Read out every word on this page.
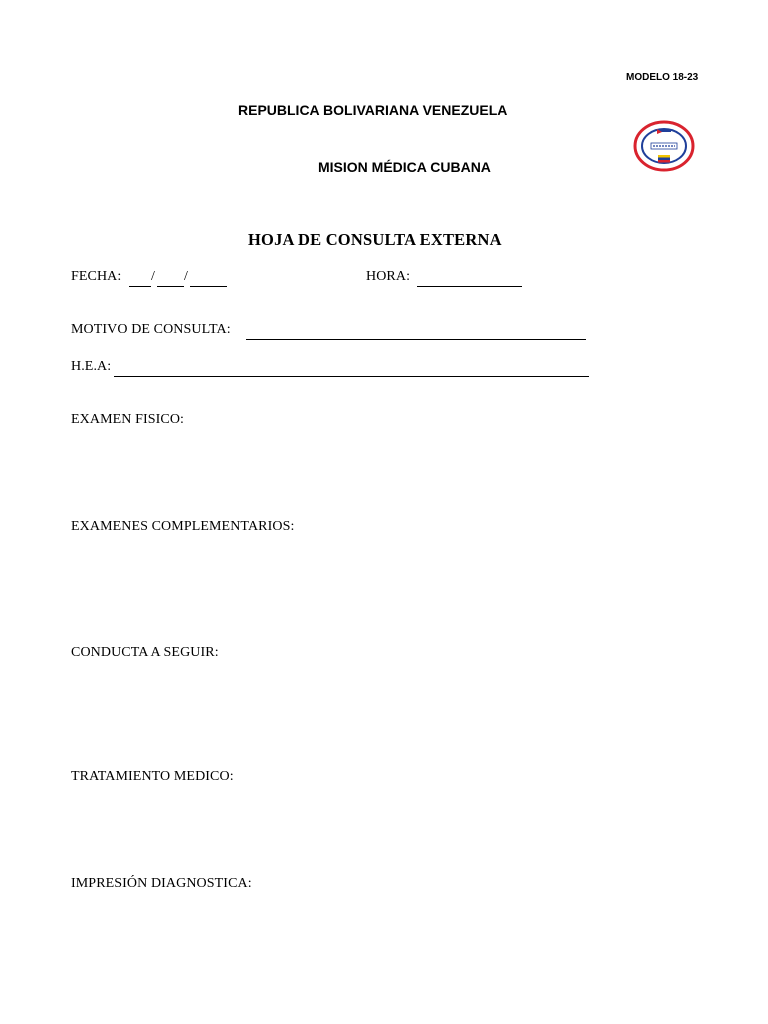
MODELO 18-23
REPUBLICA BOLIVARIANA VENEZUELA
MISION MÉDICA CUBANA
HOJA DE CONSULTA EXTERNA
FECHA: / /	HORA:
MOTIVO DE CONSULTA:
H.E.A:
EXAMEN FISICO:
EXAMENES COMPLEMENTARIOS:
CONDUCTA A SEGUIR:
TRATAMIENTO MEDICO:
IMPRESIÓN DIAGNOSTICA:
